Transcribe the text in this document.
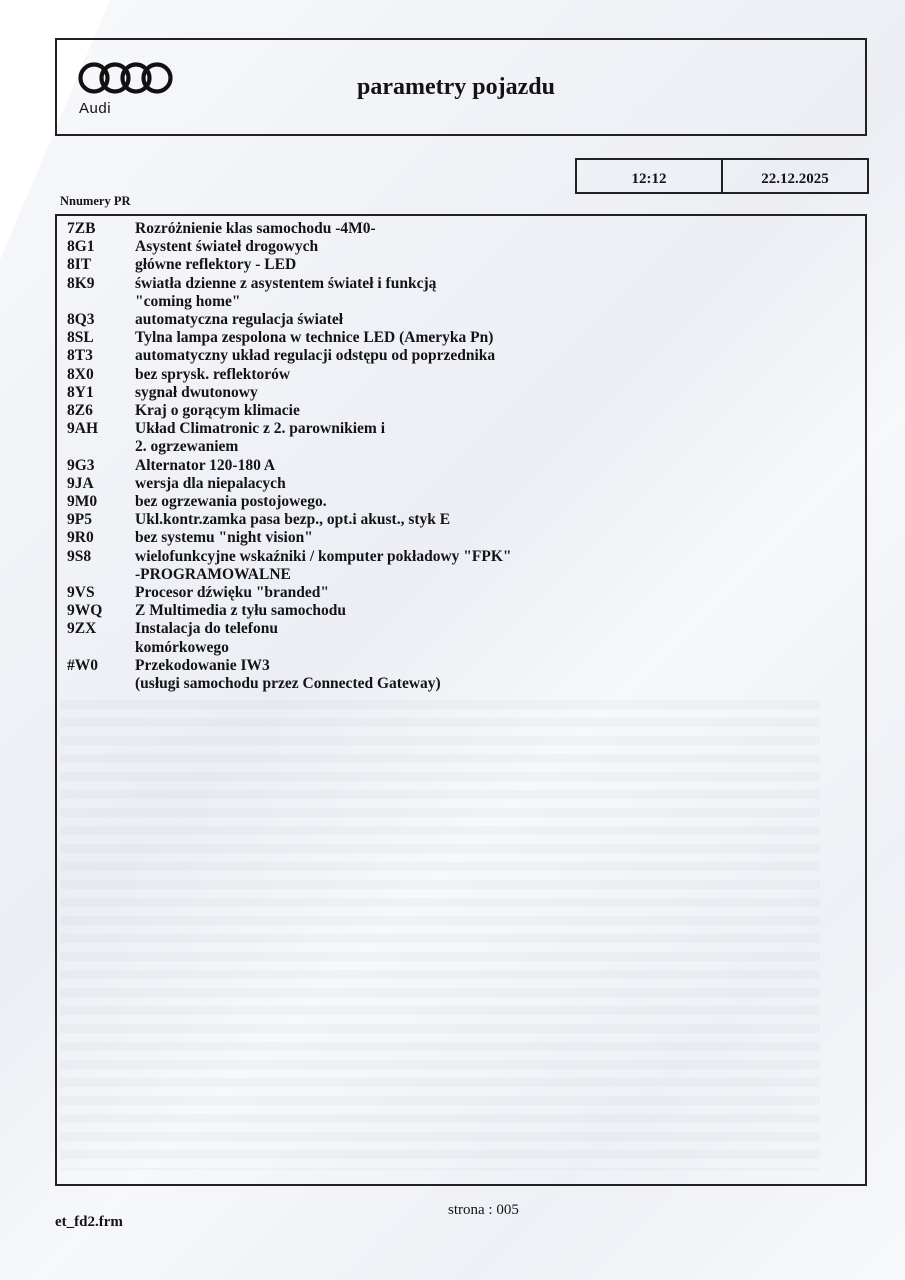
Audi
parametry pojazdu
12:12	22.12.2025
Nnumery PR
7ZB	Rozróżnienie klas samochodu -4M0-
8G1	Asystent świateł drogowych
8IT	główne reflektory - LED
8K9	światła dzienne z asystentem świateł i funkcją
"coming home"
8Q3	automatyczna regulacja świateł
8SL	Tylna lampa zespolona w technice LED (Ameryka Pn)
8T3	automatyczny układ regulacji odstępu od poprzednika
8X0	bez sprysk. reflektorów
8Y1	sygnał dwutonowy
8Z6	Kraj o gorącym klimacie
9AH	Układ Climatronic z 2. parownikiem i
2. ogrzewaniem
9G3	Alternator 120-180 A
9JA	wersja dla niepalacych
9M0	bez ogrzewania postojowego.
9P5	Ukl.kontr.zamka pasa bezp., opt.i akust., styk E
9R0	bez systemu "night vision"
9S8	wielofunkcyjne wskaźniki / komputer pokładowy "FPK"
-PROGRAMOWALNE
9VS	Procesor dźwięku "branded"
9WQ	Z Multimedia z tyłu samochodu
9ZX	Instalacja do telefonu
komórkowego
#W0	Przekodowanie IW3
(usługi samochodu przez Connected Gateway)
et_fd2.frm
strona : 005
